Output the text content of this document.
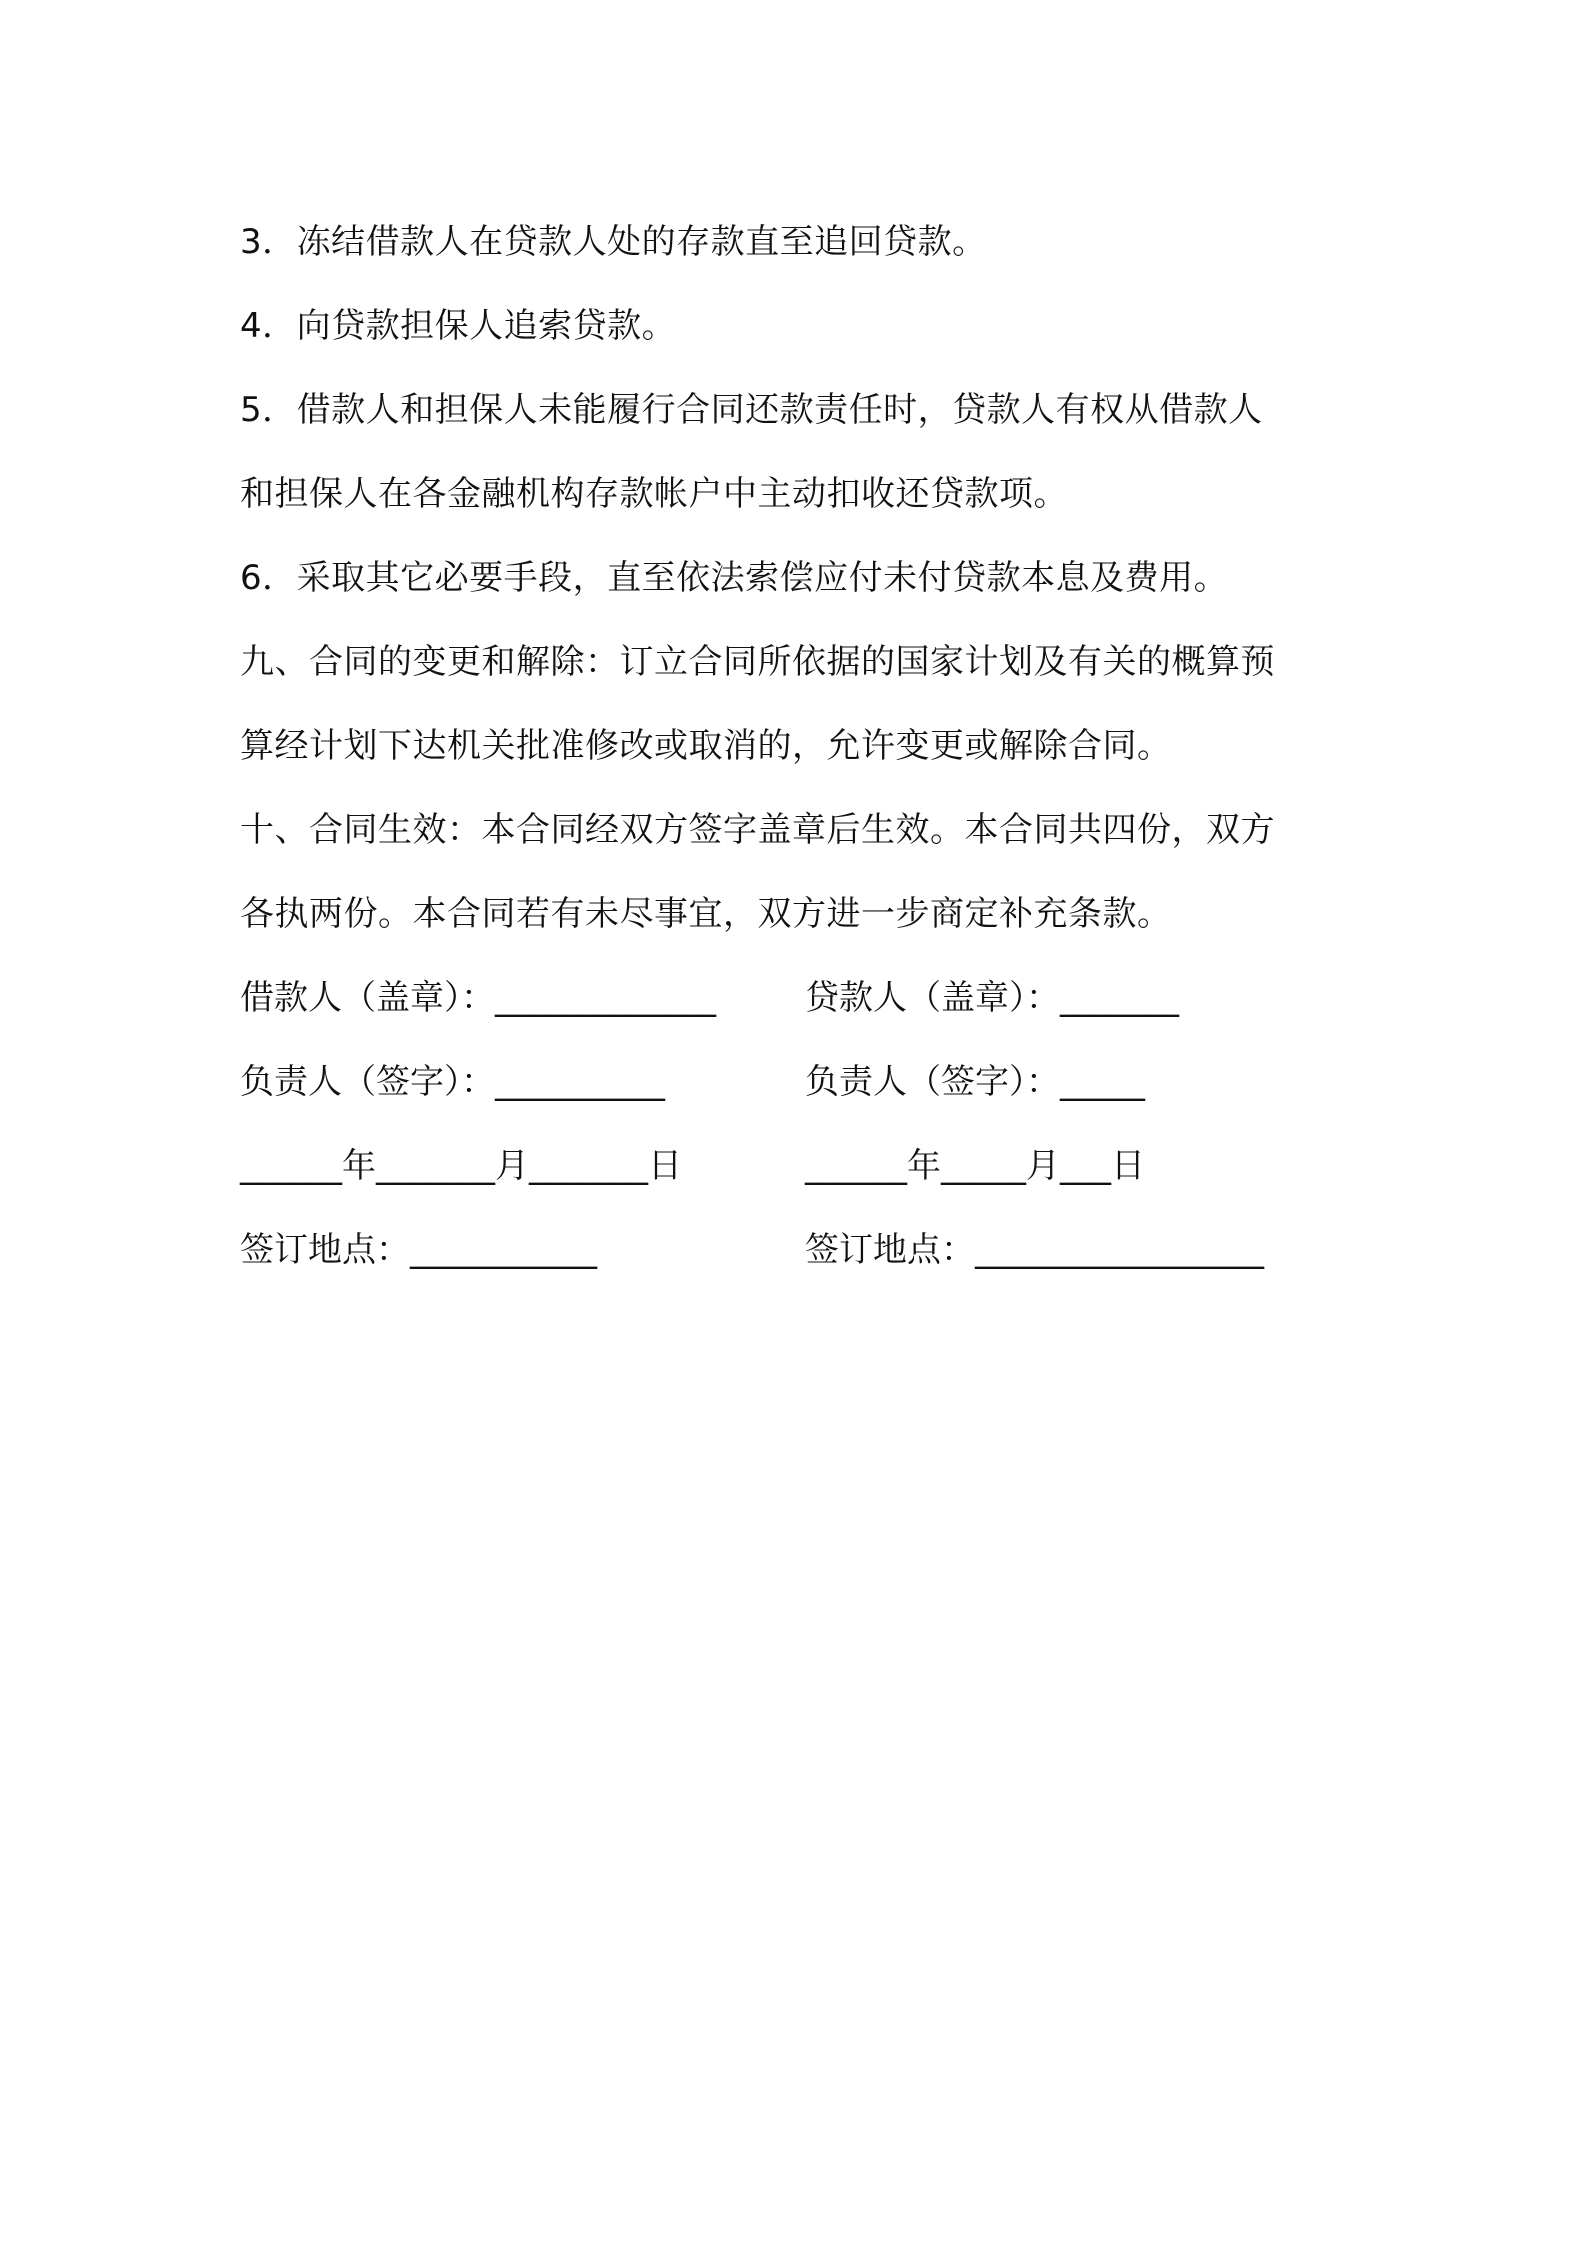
3．冻结借款人在贷款人处的存款直至追回贷款。
4．向贷款担保人追索贷款。
5．借款人和担保人未能履行合同还款责任时，贷款人有权从借款人
和担保人在各金融机构存款帐户中主动扣收还贷款项。
6．采取其它必要手段，直至依法索偿应付未付贷款本息及费用。
九、合同的变更和解除：订立合同所依据的国家计划及有关的概算预
算经计划下达机关批准修改或取消的，允许变更或解除合同。
十、合同生效：本合同经双方签字盖章后生效。本合同共四份，双方
各执两份。本合同若有未尽事宜，双方进一步商定补充条款。
借款人（盖章）：_____________	贷款人（盖章）：_______
负责人（签字）：__________	负责人（签字）：_____
______年_______月_______日	______年_____月___日
签订地点：___________	签订地点：_________________
